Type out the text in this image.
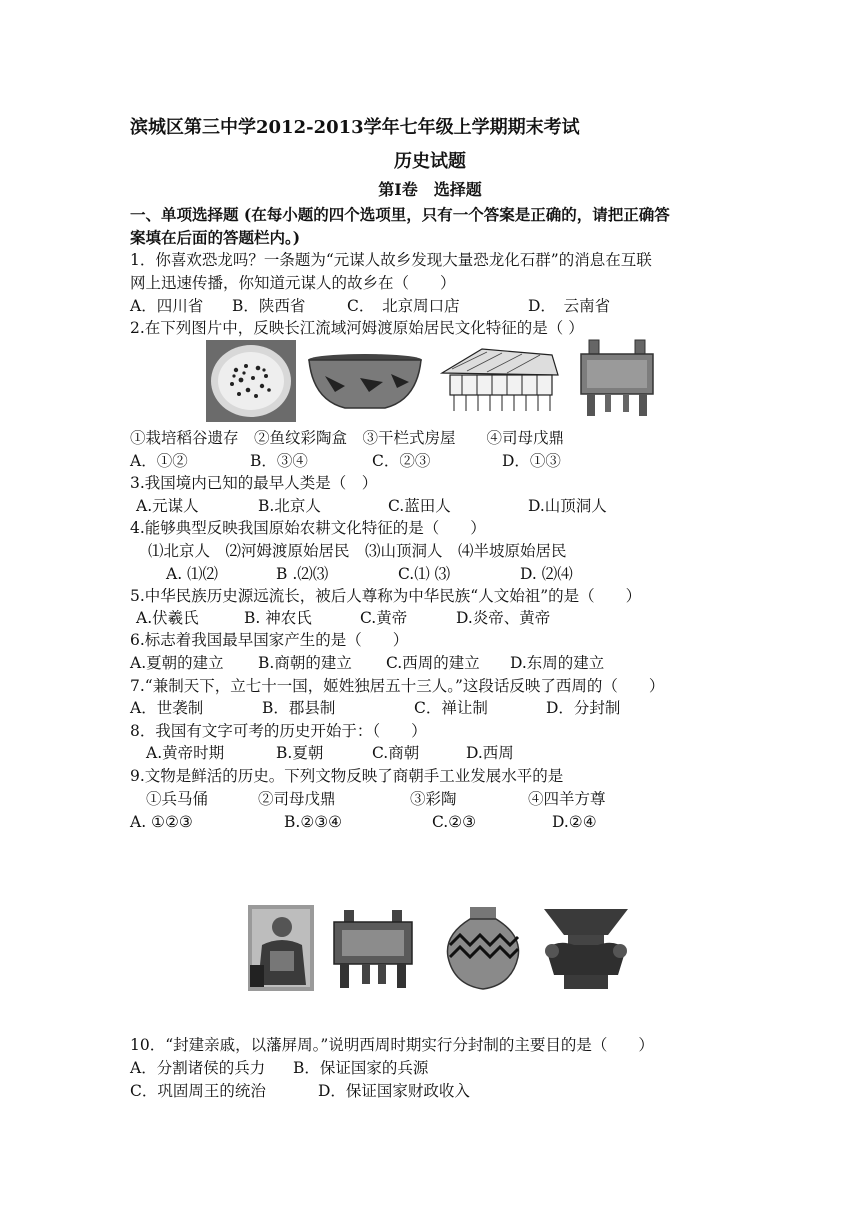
滨城区第三中学2012-2013学年七年级上学期期末考试
历史试题
第Ⅰ卷　选择题
一、单项选择题 (在每小题的四个选项里，只有一个答案是正确的，请把正确答
案填在后面的答题栏内。)
1．你喜欢恐龙吗？一条题为“元谋人故乡发现大量恐龙化石群”的消息在互联
网上迅速传播，你知道元谋人的故乡在（　　）
A．四川省 B．陕西省	C．　北京周口店	D．　云南省
2.在下列图片中，反映长江流域河姆渡原始居民文化特征的是（ ）
①栽培稻谷遗存　②鱼纹彩陶盒　③干栏式房屋　　④司母戊鼎
A．①②	B．③④	C．②③	D．①③
3.我国境内已知的最早人类是（　）
A.元谋人	B.北京人	C.蓝田人	D.山顶洞人
4.能够典型反映我国原始农耕文化特征的是（　　）
⑴北京人　⑵河姆渡原始居民　⑶山顶洞人　⑷半坡原始居民
A. ⑴⑵	B .⑵⑶	C.⑴ ⑶	D. ⑵⑷
5.中华民族历史源远流长，被后人尊称为中华民族“人文始祖”的是（　　）
A.伏羲氏	B. 神农氏	C.黄帝	D.炎帝、黄帝
6.标志着我国最早国家产生的是（　　）
A.夏朝的建立 B.商朝的建立 C.西周的建立 D.东周的建立
7.“兼制天下，立七十一国，姬姓独居五十三人。”这段话反映了西周的（　　）
A．世袭制	B．郡县制	C．禅让制	D．分封制
8．我国有文字可考的历史开始于：（　　）
A.黄帝时期	B.夏朝	C.商朝	D.西周
9.文物是鲜活的历史。下列文物反映了商朝手工业发展水平的是
①兵马俑	②司母戊鼎	③彩陶	④四羊方尊
A. ①②③	B.②③④	C.②③	D.②④
10．“封建亲戚，以藩屏周。”说明西周时期实行分封制的主要目的是（　　）
A．分割诸侯的兵力 B．保证国家的兵源
C．巩固周王的统治	D．保证国家财政收入
